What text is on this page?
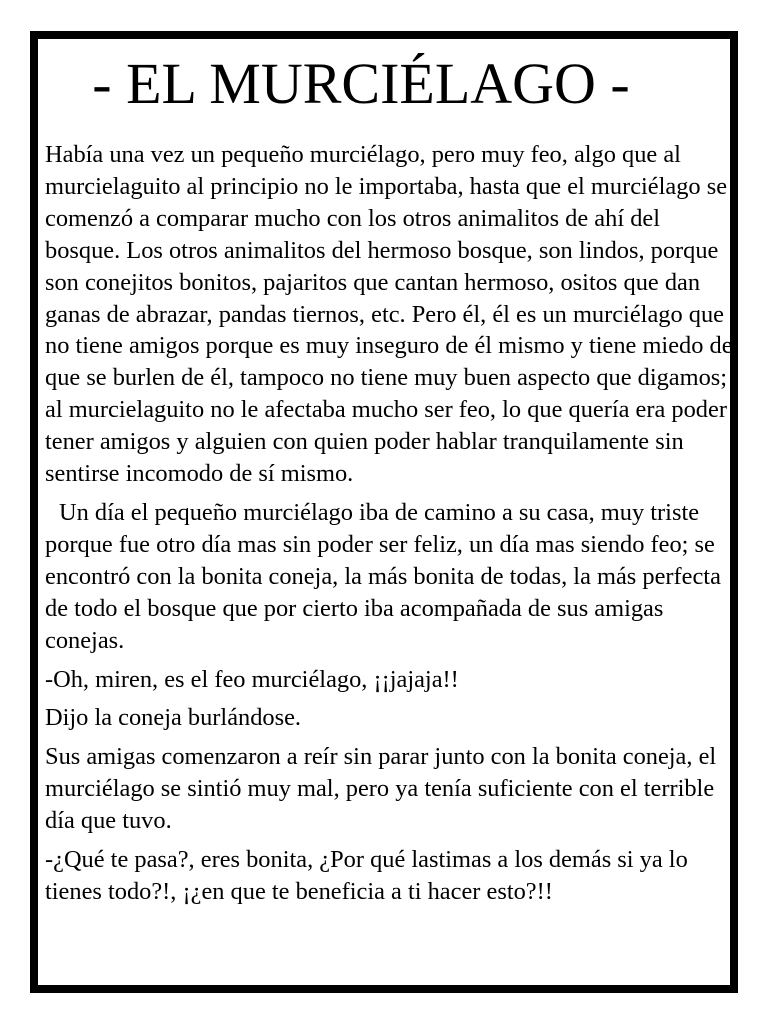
- EL MURCIÉLAGO -

Había una vez un pequeño murciélago, pero muy feo, algo que al murcielaguito al principio no le importaba, hasta que el murciélago se comenzó a comparar mucho con los otros animalitos de ahí del bosque. Los otros animalitos del hermoso bosque, son lindos, porque son conejitos bonitos, pajaritos que cantan hermoso, ositos que dan ganas de abrazar, pandas tiernos, etc. Pero él, él es un murciélago que no tiene amigos porque es muy inseguro de él mismo y tiene miedo de que se burlen de él, tampoco no tiene muy buen aspecto que digamos; al murcielaguito no le afectaba mucho ser feo, lo que quería era poder tener amigos y alguien con quien poder hablar tranquilamente sin sentirse incomodo de sí mismo.

Un día el pequeño murciélago iba de camino a su casa, muy triste porque fue otro día mas sin poder ser feliz, un día mas siendo feo; se encontró con la bonita coneja, la más bonita de todas, la más perfecta de todo el bosque que por cierto iba acompañada de sus amigas conejas.

-Oh, miren, es el feo murciélago, ¡¡jajaja!!

Dijo la coneja burlándose.

Sus amigas comenzaron a reír sin parar junto con la bonita coneja, el murciélago se sintió muy mal, pero ya tenía suficiente con el terrible día que tuvo.

-¿Qué te pasa?, eres bonita, ¿Por qué lastimas a los demás si ya lo tienes todo?!, ¡¿en que te beneficia a ti hacer esto?!!
